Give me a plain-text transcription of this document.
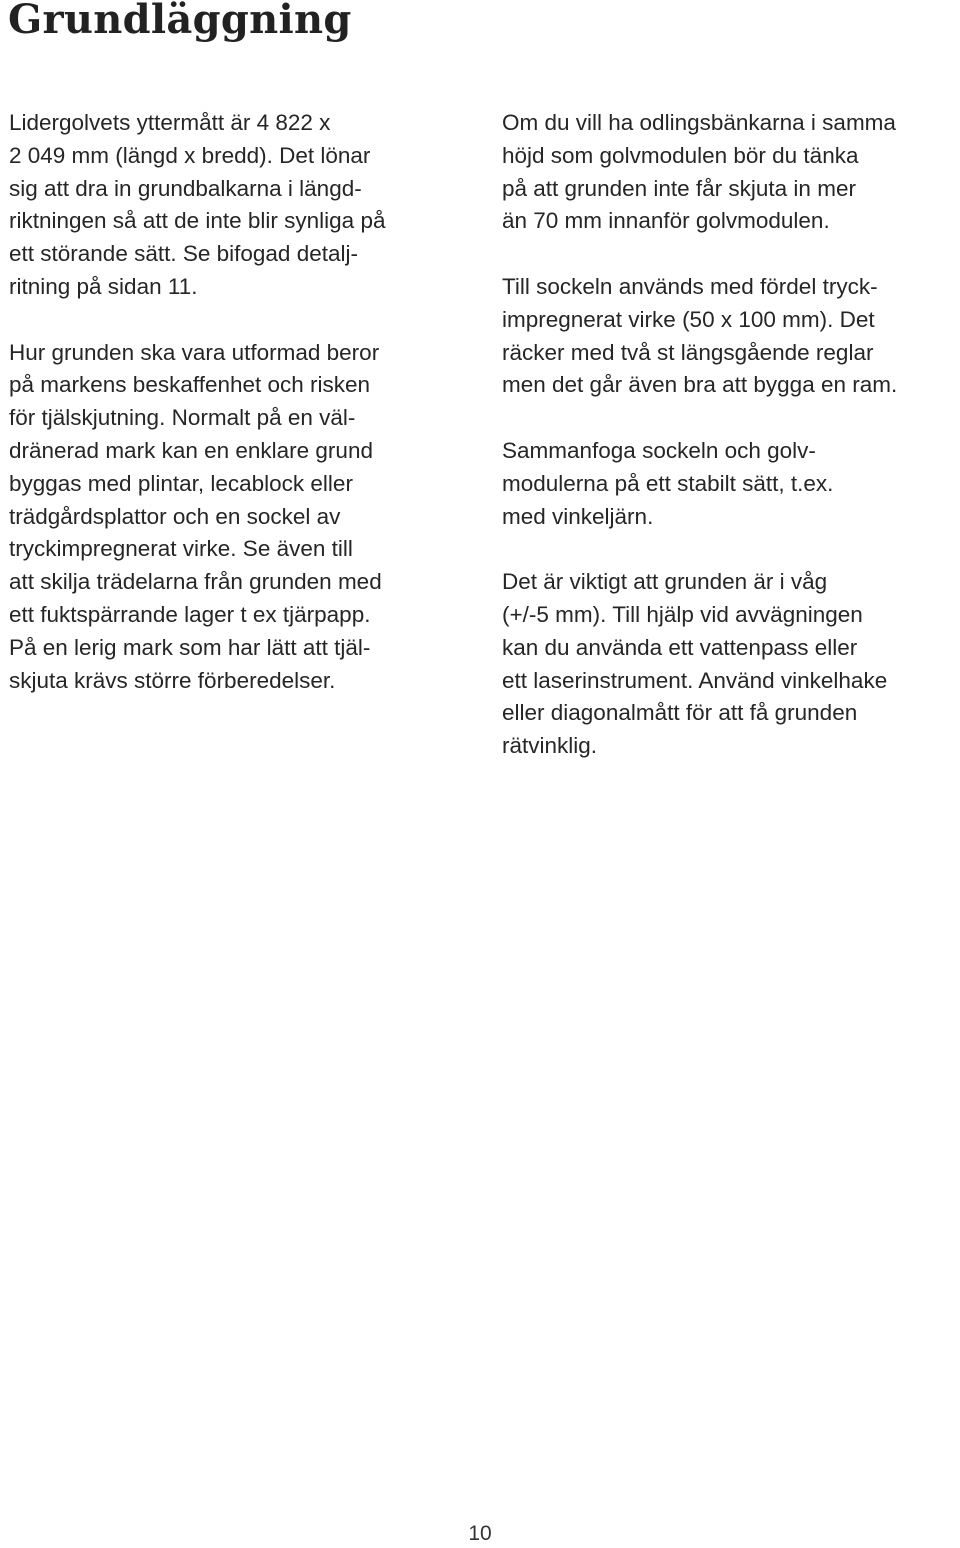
Grundläggning

Lidergolvets yttermått är 4 822 x
2 049 mm (längd x bredd). Det lönar
sig att dra in grundbalkarna i längd-
riktningen så att de inte blir synliga på
ett störande sätt. Se bifogad detalj-
ritning på sidan 11.

Hur grunden ska vara utformad beror
på markens beskaffenhet och risken
för tjälskjutning. Normalt på en väl-
dränerad mark kan en enklare grund
byggas med plintar, lecablock eller
trädgårdsplattor och en sockel av
tryckimpregnerat virke. Se även till
att skilja trädelarna från grunden med
ett fuktspärrande lager t ex tjärpapp.
På en lerig mark som har lätt att tjäl-
skjuta krävs större förberedelser.

Om du vill ha odlingsbänkarna i samma
höjd som golvmodulen bör du tänka
på att grunden inte får skjuta in mer
än 70 mm innanför golvmodulen.

Till sockeln används med fördel tryck-
impregnerat virke (50 x 100 mm). Det
räcker med två st längsgående reglar
men det går även bra att bygga en ram.

Sammanfoga sockeln och golv-
modulerna på ett stabilt sätt, t.ex.
med vinkeljärn.

Det är viktigt att grunden är i våg
(+/-5 mm). Till hjälp vid avvägningen
kan du använda ett vattenpass eller
ett laserinstrument. Använd vinkelhake
eller diagonalmått för att få grunden
rätvinklig.

10
